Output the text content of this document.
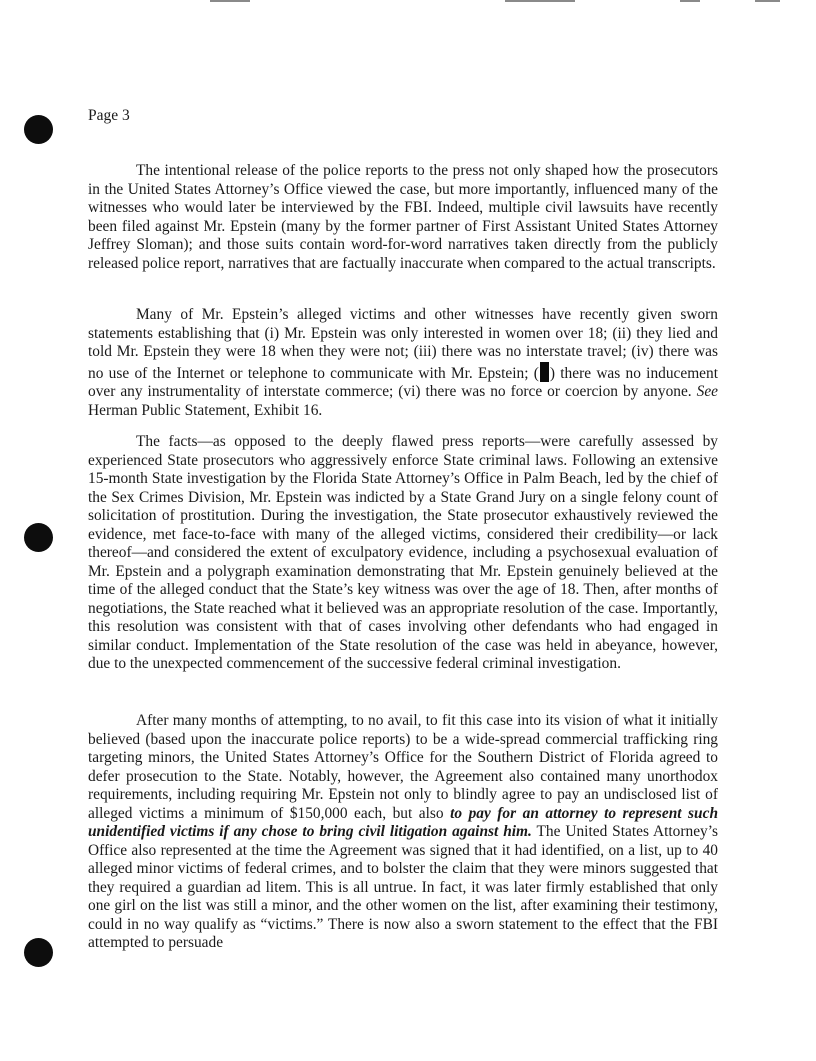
Page 3

The intentional release of the police reports to the press not only shaped how the prosecutors in the United States Attorney’s Office viewed the case, but more importantly, influenced many of the witnesses who would later be interviewed by the FBI. Indeed, multiple civil lawsuits have recently been filed against Mr. Epstein (many by the former partner of First Assistant United States Attorney Jeffrey Sloman); and those suits contain word-for-word narratives taken directly from the publicly released police report, narratives that are factually inaccurate when compared to the actual transcripts.

Many of Mr. Epstein’s alleged victims and other witnesses have recently given sworn statements establishing that (i) Mr. Epstein was only interested in women over 18; (ii) they lied and told Mr. Epstein they were 18 when they were not; (iii) there was no interstate travel; (iv) there was no use of the Internet or telephone to communicate with Mr. Epstein; ( ) there was no inducement over any instrumentality of interstate commerce; (vi) there was no force or coercion by anyone. See Herman Public Statement, Exhibit 16.

The facts—as opposed to the deeply flawed press reports—were carefully assessed by experienced State prosecutors who aggressively enforce State criminal laws. Following an extensive 15-month State investigation by the Florida State Attorney’s Office in Palm Beach, led by the chief of the Sex Crimes Division, Mr. Epstein was indicted by a State Grand Jury on a single felony count of solicitation of prostitution. During the investigation, the State prosecutor exhaustively reviewed the evidence, met face-to-face with many of the alleged victims, considered their credibility—or lack thereof—and considered the extent of exculpatory evidence, including a psychosexual evaluation of Mr. Epstein and a polygraph examination demonstrating that Mr. Epstein genuinely believed at the time of the alleged conduct that the State’s key witness was over the age of 18. Then, after months of negotiations, the State reached what it believed was an appropriate resolution of the case. Importantly, this resolution was consistent with that of cases involving other defendants who had engaged in similar conduct. Implementation of the State resolution of the case was held in abeyance, however, due to the unexpected commencement of the successive federal criminal investigation.

After many months of attempting, to no avail, to fit this case into its vision of what it initially believed (based upon the inaccurate police reports) to be a wide-spread commercial trafficking ring targeting minors, the United States Attorney’s Office for the Southern District of Florida agreed to defer prosecution to the State. Notably, however, the Agreement also contained many unorthodox requirements, including requiring Mr. Epstein not only to blindly agree to pay an undisclosed list of alleged victims a minimum of $150,000 each, but also to pay for an attorney to represent such unidentified victims if any chose to bring civil litigation against him. The United States Attorney’s Office also represented at the time the Agreement was signed that it had identified, on a list, up to 40 alleged minor victims of federal crimes, and to bolster the claim that they were minors suggested that they required a guardian ad litem. This is all untrue. In fact, it was later firmly established that only one girl on the list was still a minor, and the other women on the list, after examining their testimony, could in no way qualify as “victims.” There is now also a sworn statement to the effect that the FBI attempted to persuade
